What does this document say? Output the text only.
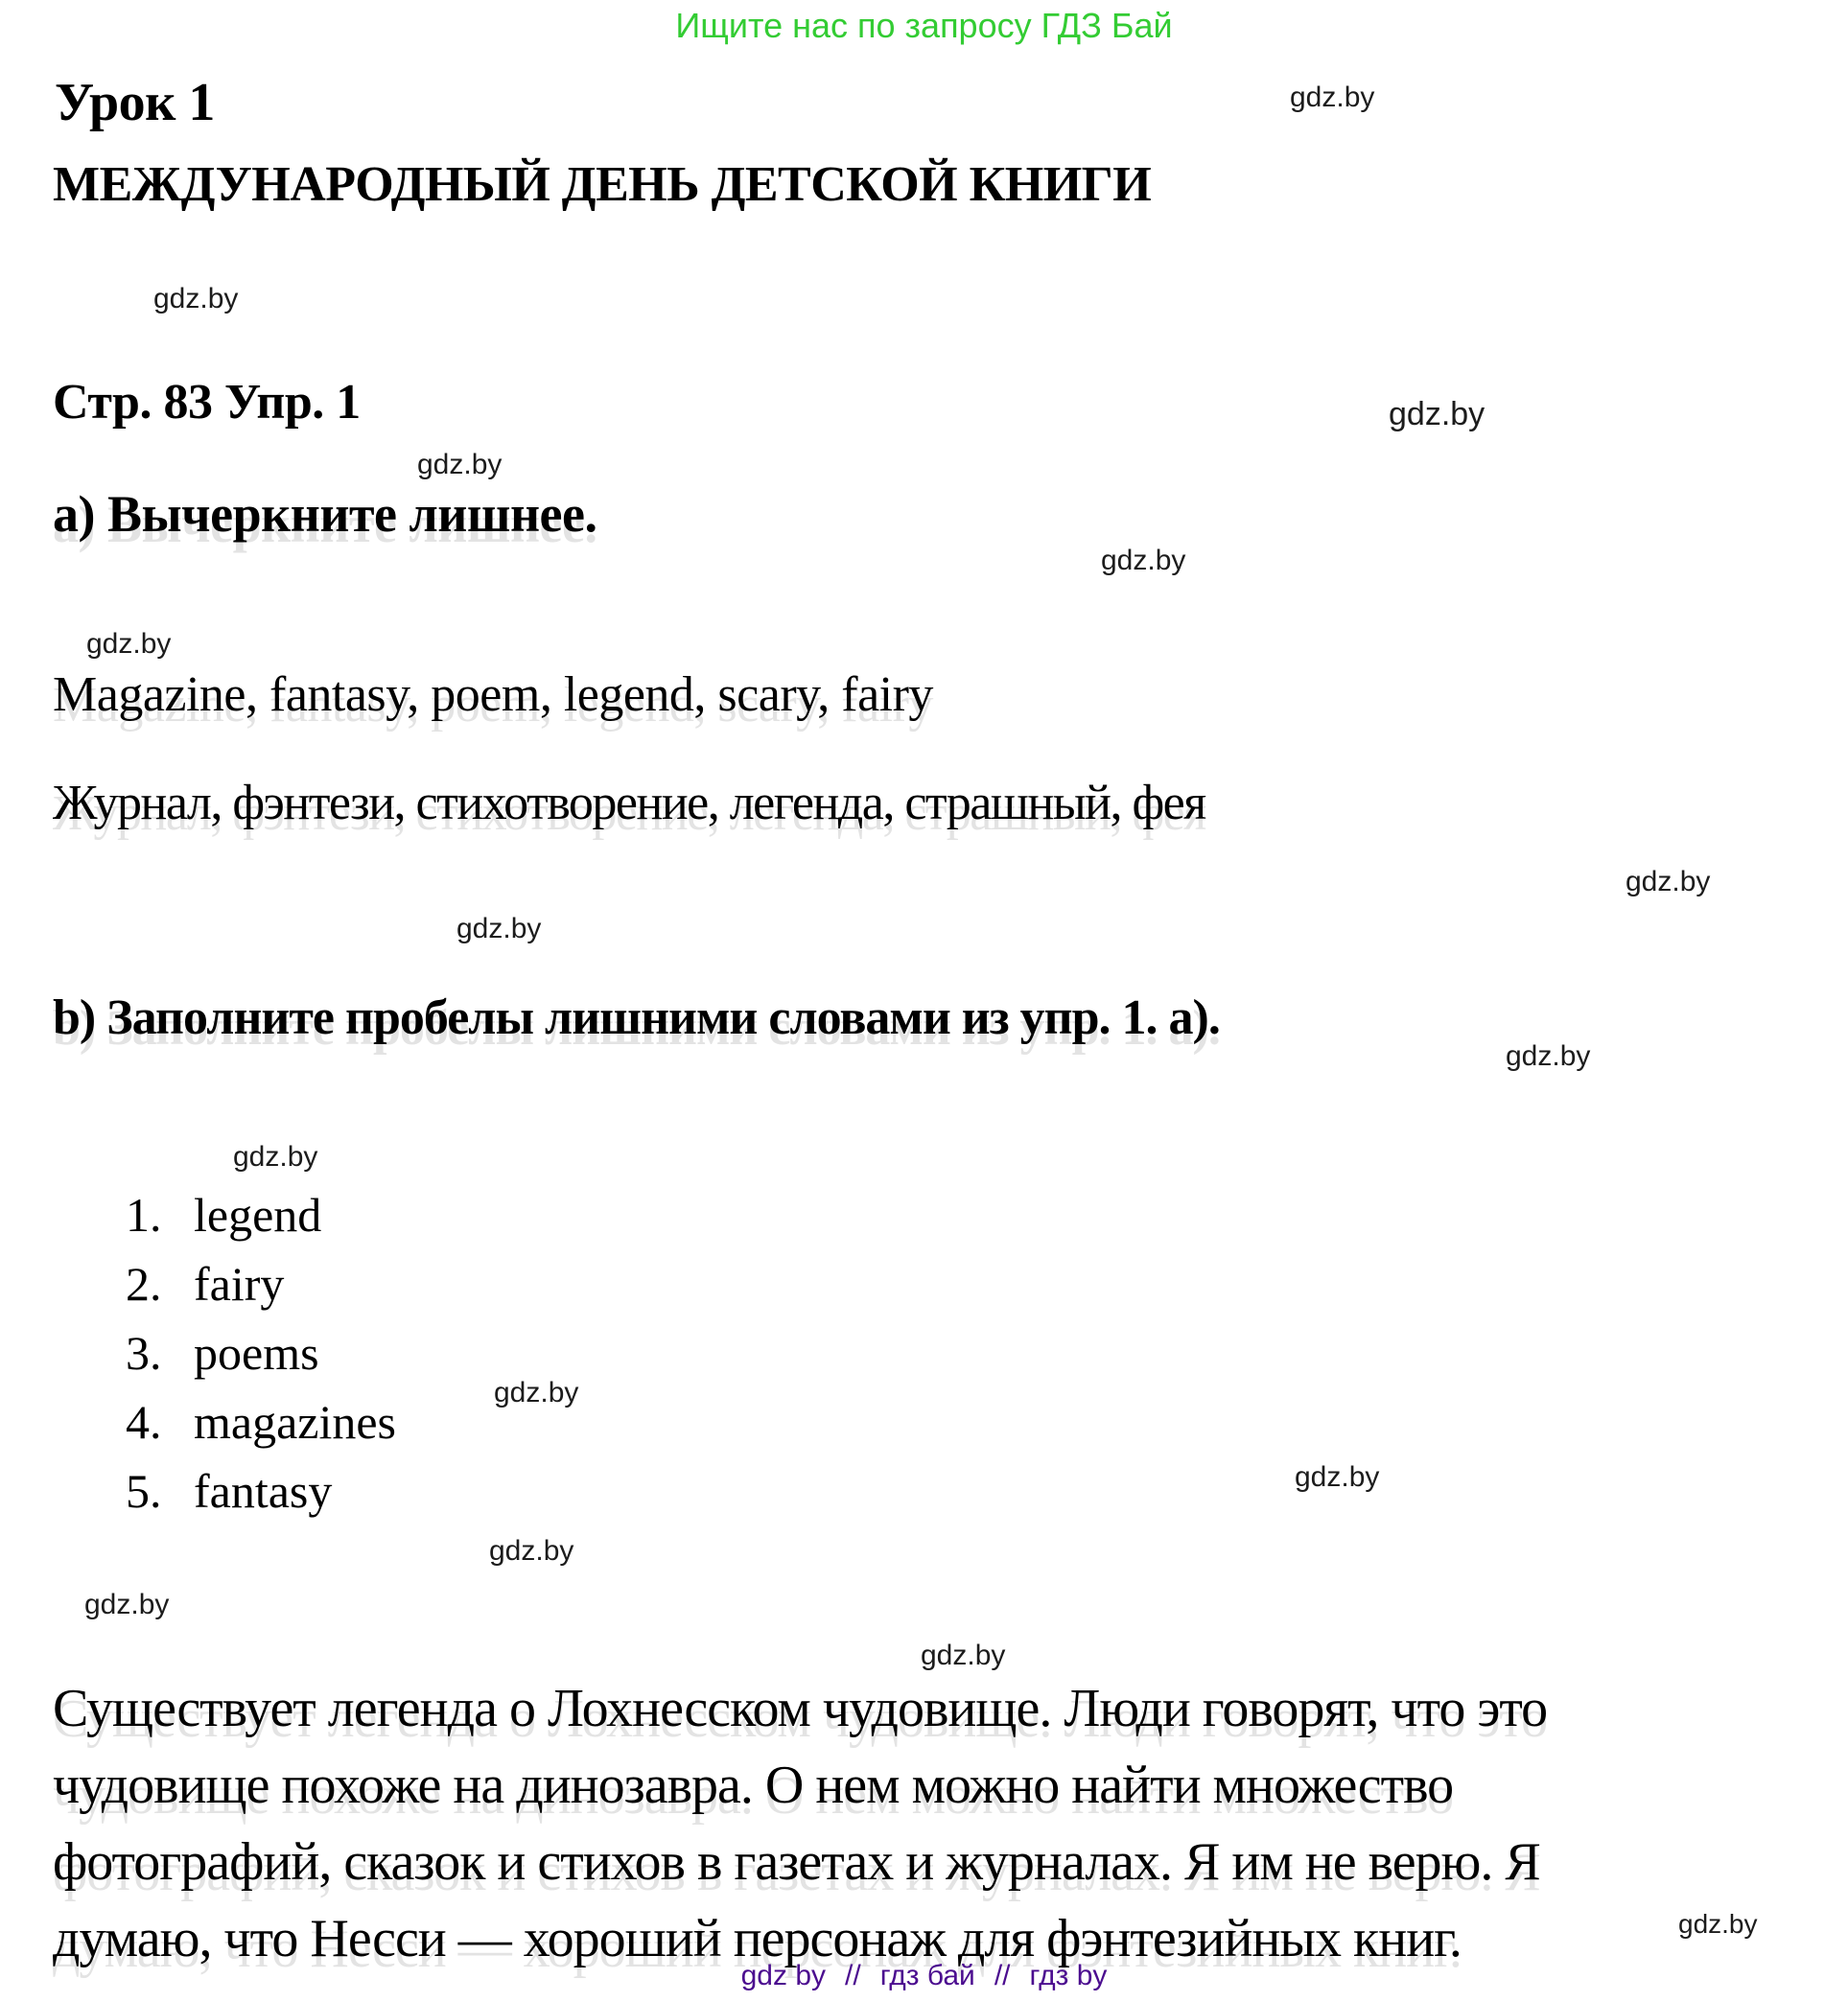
Ищите нас по запросу ГДЗ Бай
Урок 1
МЕЖДУНАРОДНЫЙ ДЕНЬ ДЕТСКОЙ КНИГИ
Стр. 83 Упр. 1
a) Вычеркните лишнее.
Magazine, fantasy, poem, legend, scary, fairy
Журнал, фэнтези, стихотворение, легенда, страшный, фея
b) Заполните пробелы лишними словами из упр. 1. a).
1. legend
2. fairy
3. poems
4. magazines
5. fantasy
Существует легенда о Лохнесском чудовище. Люди говорят, что это
чудовище похоже на динозавра. О нем можно найти множество
фотографий, сказок и стихов в газетах и журналах. Я им не верю. Я
думаю, что Несси — хороший персонаж для фэнтезийных книг.
gdz.by
gdz.by
gdz.by
gdz.by
gdz.by
gdz.by
gdz.by
gdz.by
gdz.by
gdz.by
gdz.by
gdz.by
gdz.by
gdz.by
gdz.by
gdz.by
gdz by // гдз бай // гдз by
